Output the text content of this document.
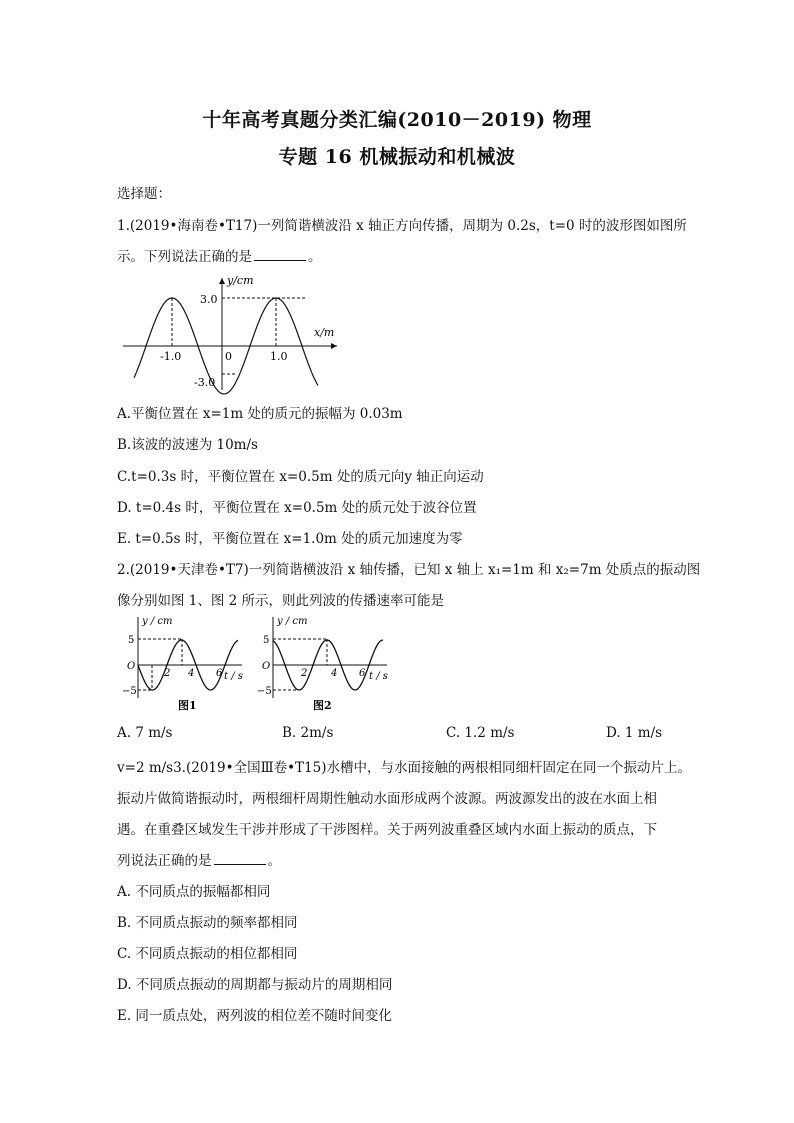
十年高考真题分类汇编(2010－2019) 物理
专题 16 机械振动和机械波
选择题：
1.(2019•海南卷•T17)一列简谐横波沿 x 轴正方向传播，周期为 0.2s，t=0 时的波形图如图所
示。下列说法正确的是	。
y/cm
x/m
3.0
-3.0
-1.0	0	1.0
A.平衡位置在 x=1m 处的质元的振幅为 0.03m
B.该波的波速为 10m/s
C.t=0.3s 时，平衡位置在 x=0.5m 处的质元向y 轴正向运动
D. t=0.4s 时，平衡位置在 x=0.5m 处的质元处于波谷位置
E. t=0.5s 时，平衡位置在 x=1.0m 处的质元加速度为零
2.(2019•天津卷•T7)一列简谐横波沿 x 轴传播，已知 x 轴上 x₁=1m 和 x₂=7m 处质点的振动图
像分别如图 1、图 2 所示，则此列波的传播速率可能是
y / cm
5
O
−5
2 4 6 t / s
图1
y / cm
5
O
−5
2 4 6 t / s
图2
A. 7 m/s	B. 2m/s	C. 1.2 m/s	D. 1 m/s
v=2 m/s3.(2019•全国Ⅲ卷•T15)水槽中，与水面接触的两根相同细杆固定在同一个振动片上。
振动片做简谐振动时，两根细杆周期性触动水面形成两个波源。两波源发出的波在水面上相
遇。在重叠区域发生干涉并形成了干涉图样。关于两列波重叠区域内水面上振动的质点，下
列说法正确的是	。
A. 不同质点的振幅都相同
B. 不同质点振动的频率都相同
C. 不同质点振动的相位都相同
D. 不同质点振动的周期都与振动片的周期相同
E. 同一质点处，两列波的相位差不随时间变化
